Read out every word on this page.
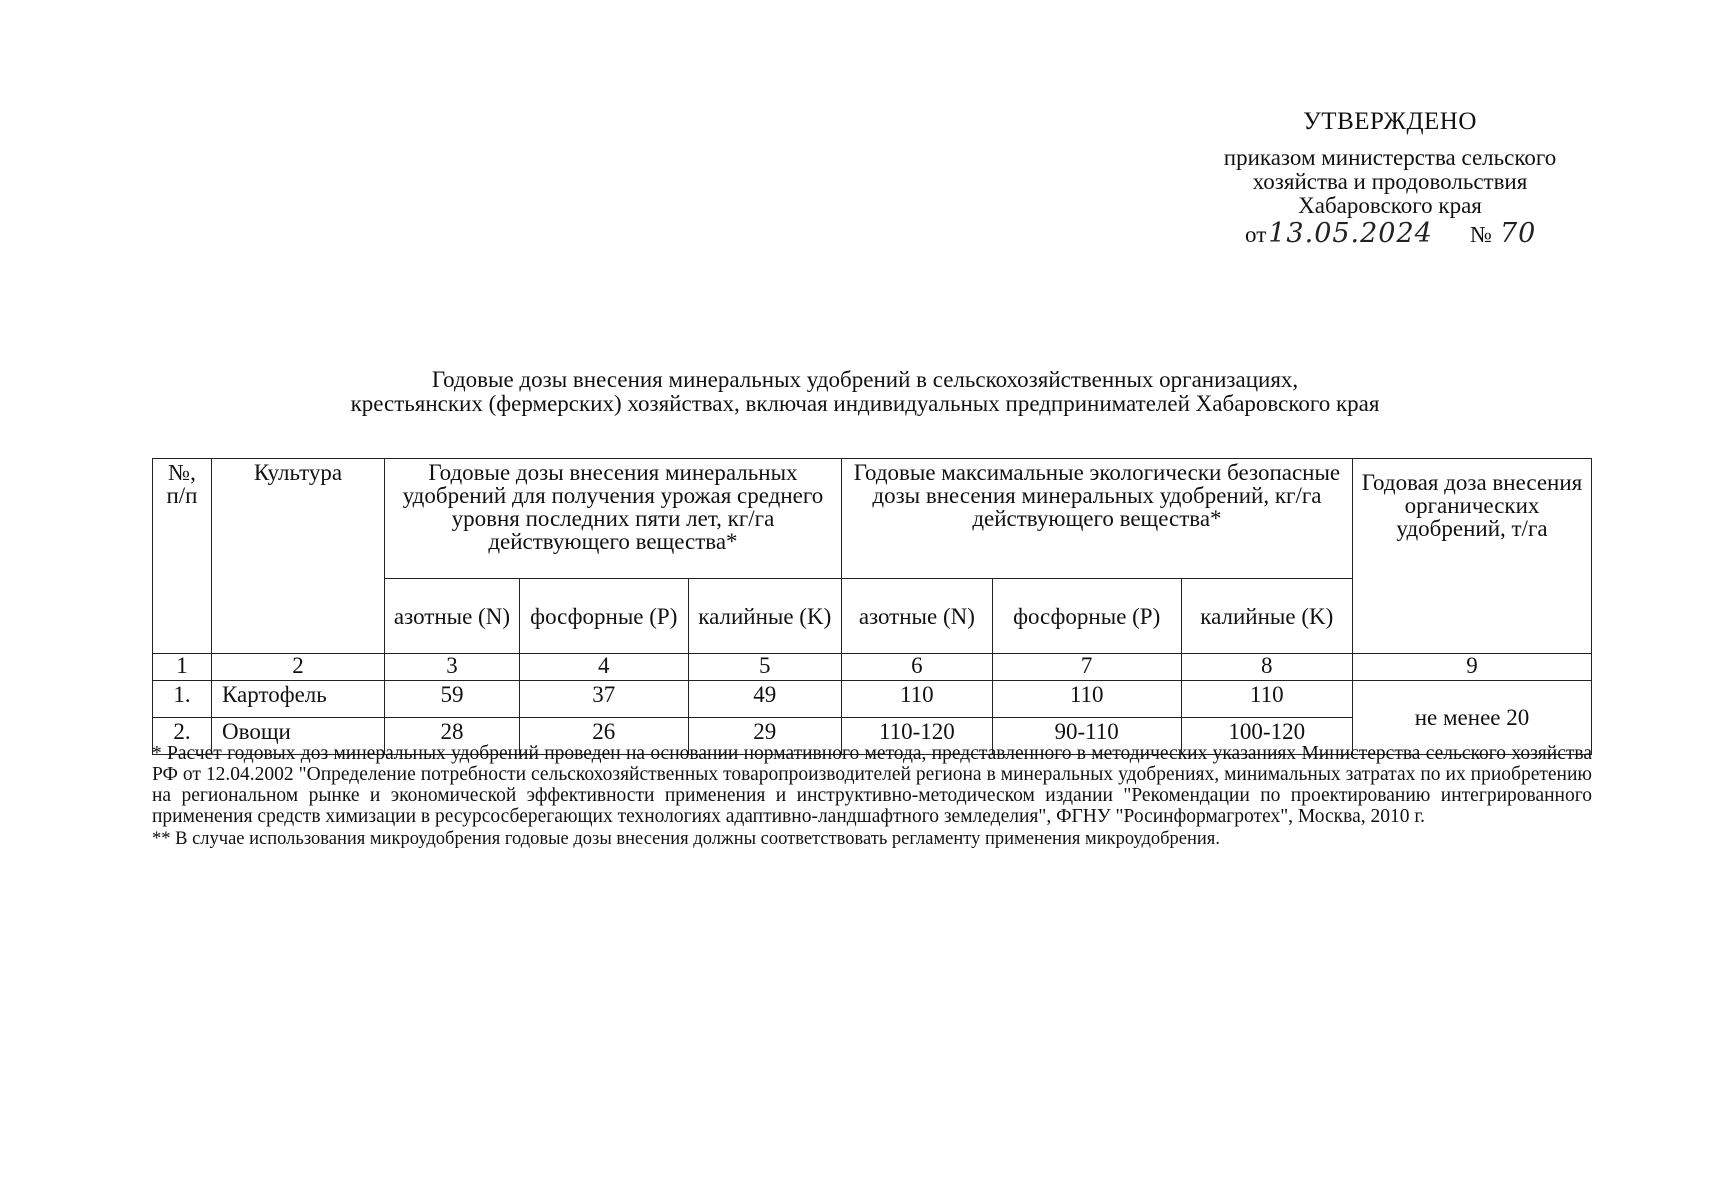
УТВЕРЖДЕНО
приказом министерства сельского
хозяйства и продовольствия
Хабаровского края
от13.05.2024 № 70
Годовые дозы внесения минеральных удобрений в сельскохозяйственных организациях,
крестьянских (фермерских) хозяйствах, включая индивидуальных предпринимателей Хабаровского края
№, п/п	Культура	Годовые дозы внесения минеральных удобрений для получения урожая среднего уровня последних пяти лет, кг/га действующего вещества*			Годовые максимальные экологически безопасные дозы внесения минеральных удобрений, кг/га действующего вещества*			Годовая доза внесения органических удобрений, т/га
		азотные (N)	фосфорные (P)	калийные (K)	азотные (N)	фосфорные (P)	калийные (K)	
1	2	3	4	5	6	7	8	9
1.	Картофель	59	37	49	110	110	110	не менее 20
2.	Овощи	28	26	29	110-120	90-110	100-120	

* Расчет годовых доз минеральных удобрений проведен на основании нормативного метода, представленного в методических указаниях Министерства сельского хозяйства РФ от 12.04.2002 "Определение потребности сельскохозяйственных товаропроизводителей региона в минеральных удобрениях, минимальных затратах по их приобретению на региональном рынке и экономической эффективности применения и инструктивно-методическом издании "Рекомендации по проектированию интегрированного применения средств химизации в ресурсосберегающих технологиях адаптивно-ландшафтного земледелия", ФГНУ "Росинформагротех", Москва, 2010 г.

** В случае использования микроудобрения годовые дозы внесения должны соответствовать регламенту применения микроудобрения.
